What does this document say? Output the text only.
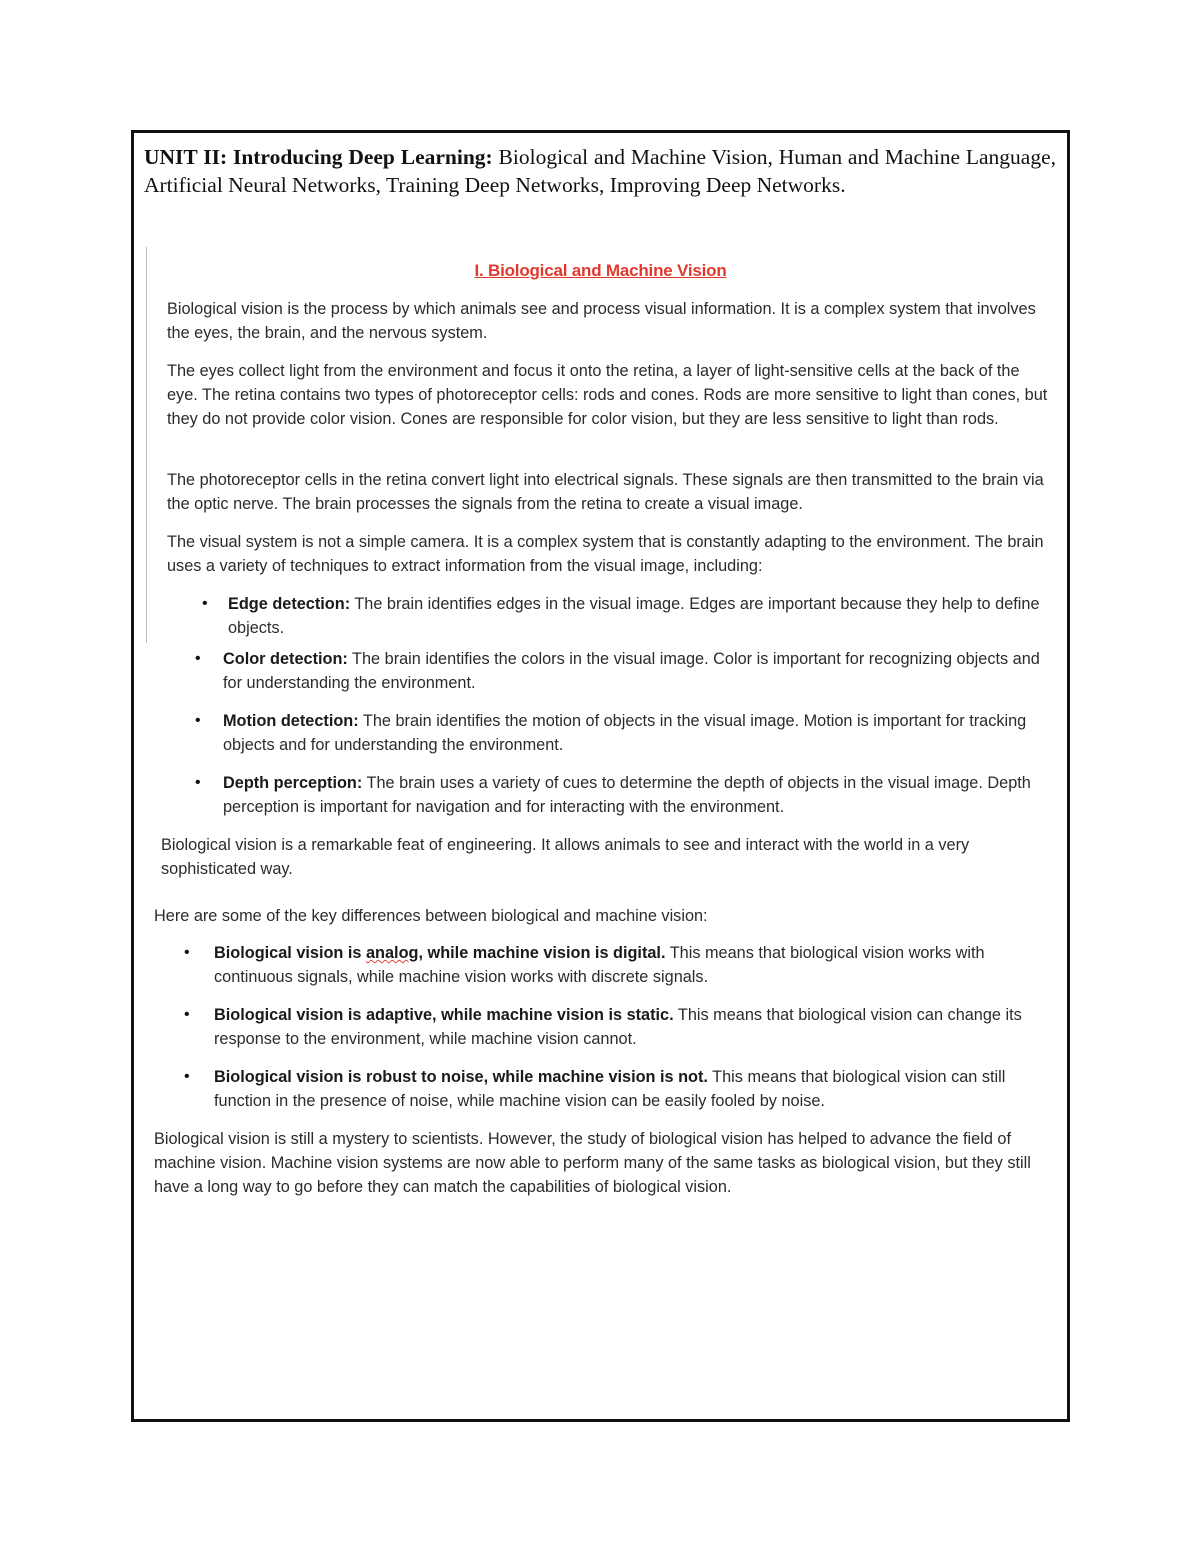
UNIT II: Introducing Deep Learning: Biological and Machine Vision, Human and Machine Language, Artificial Neural Networks, Training Deep Networks, Improving Deep Networks.
I. Biological and Machine Vision

Biological vision is the process by which animals see and process visual information. It is a complex system that involves the eyes, the brain, and the nervous system.

The eyes collect light from the environment and focus it onto the retina, a layer of light-sensitive cells at the back of the eye. The retina contains two types of photoreceptor cells: rods and cones. Rods are more sensitive to light than cones, but they do not provide color vision. Cones are responsible for color vision, but they are less sensitive to light than rods.

The photoreceptor cells in the retina convert light into electrical signals. These signals are then transmitted to the brain via the optic nerve. The brain processes the signals from the retina to create a visual image.

The visual system is not a simple camera. It is a complex system that is constantly adapting to the environment. The brain uses a variety of techniques to extract information from the visual image, including:

• Edge detection: The brain identifies edges in the visual image. Edges are important because they help to define objects.
• Color detection: The brain identifies the colors in the visual image. Color is important for recognizing objects and for understanding the environment.
• Motion detection: The brain identifies the motion of objects in the visual image. Motion is important for tracking objects and for understanding the environment.
• Depth perception: The brain uses a variety of cues to determine the depth of objects in the visual image. Depth perception is important for navigation and for interacting with the environment.

Biological vision is a remarkable feat of engineering. It allows animals to see and interact with the world in a very sophisticated way.

Here are some of the key differences between biological and machine vision:

• Biological vision is analog, while machine vision is digital. This means that biological vision works with continuous signals, while machine vision works with discrete signals.
• Biological vision is adaptive, while machine vision is static. This means that biological vision can change its response to the environment, while machine vision cannot.
• Biological vision is robust to noise, while machine vision is not. This means that biological vision can still function in the presence of noise, while machine vision can be easily fooled by noise.

Biological vision is still a mystery to scientists. However, the study of biological vision has helped to advance the field of machine vision. Machine vision systems are now able to perform many of the same tasks as biological vision, but they still have a long way to go before they can match the capabilities of biological vision.
